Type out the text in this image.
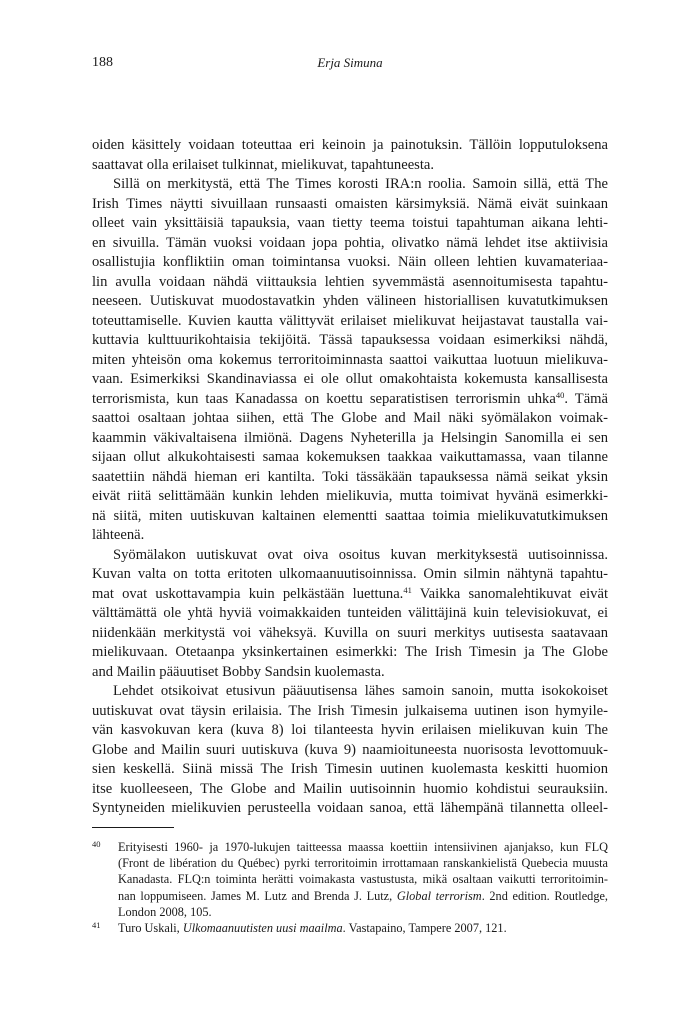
188	Erja Simuna
oiden käsittely voidaan toteuttaa eri keinoin ja painotuksin. Tällöin lopputuloksena
saattavat olla erilaiset tulkinnat, mielikuvat, tapahtuneesta.
Sillä on merkitystä, että The Times korosti IRA:n roolia. Samoin sillä, että The
Irish Times näytti sivuillaan runsaasti omaisten kärsimyksiä. Nämä eivät suinkaan
olleet vain yksittäisiä tapauksia, vaan tietty teema toistui tapahtuman aikana lehti-
en sivuilla. Tämän vuoksi voidaan jopa pohtia, olivatko nämä lehdet itse aktiivisia
osallistujia konfliktiin oman toimintansa vuoksi. Näin olleen lehtien kuvamateriaa-
lin avulla voidaan nähdä viittauksia lehtien syvemmästä asennoitumisesta tapahtu-
neeseen. Uutiskuvat muodostavatkin yhden välineen historiallisen kuvatutkimuksen
toteuttamiselle. Kuvien kautta välittyvät erilaiset mielikuvat heijastavat taustalla vai-
kuttavia kulttuurikohtaisia tekijöitä. Tässä tapauksessa voidaan esimerkiksi nähdä,
miten yhteisön oma kokemus terroritoiminnasta saattoi vaikuttaa luotuun mielikuva-
vaan. Esimerkiksi Skandinaviassa ei ole ollut omakohtaista kokemusta kansallisesta
terrorismista, kun taas Kanadassa on koettu separatistisen terrorismin uhka$^{40}$. Tämä
saattoi osaltaan johtaa siihen, että The Globe and Mail näki syömälakon voimak-
kaammin väkivaltaisena ilmiönä. Dagens Nyheterilla ja Helsingin Sanomilla ei sen
sijaan ollut alkukohtaisesti samaa kokemuksen taakkaa vaikuttamassa, vaan tilanne
saatettiin nähdä hieman eri kantilta. Toki tässäkään tapauksessa nämä seikat yksin
eivät riitä selittämään kunkin lehden mielikuvia, mutta toimivat hyvänä esimerkki-
nä siitä, miten uutiskuvan kaltainen elementti saattaa toimia mielikuvatutkimuksen
lähteenä.
Syömälakon uutiskuvat ovat oiva osoitus kuvan merkityksestä uutisoinnissa.
Kuvan valta on totta eritoten ulkomaanuutisoinnissa. Omin silmin nähtynä tapahtu-
mat ovat uskottavampia kuin pelkästään luettuna.$^{41}$ Vaikka sanomalehtikuvat eivät
välttämättä ole yhtä hyviä voimakkaiden tunteiden välittäjinä kuin televisiokuvat, ei
niidenkään merkitystä voi väheksyä. Kuvilla on suuri merkitys uutisesta saatavaan
mielikuvaan. Otetaanpa yksinkertainen esimerkki: The Irish Timesin ja The Globe
and Mailin pääuutiset Bobby Sandsin kuolemasta.
Lehdet otsikoivat etusivun pääuutisensa lähes samoin sanoin, mutta isokokoiset
uutiskuvat ovat täysin erilaisia. The Irish Timesin julkaisema uutinen ison hymyile-
vän kasvokuvan kera (kuva 8) loi tilanteesta hyvin erilaisen mielikuvan kuin The
Globe and Mailin suuri uutiskuva (kuva 9) naamioituneesta nuorisosta levottomuuk-
sien keskellä. Siinä missä The Irish Timesin uutinen kuolemasta keskitti huomion
itse kuolleeseen, The Globe and Mailin uutisoinnin huomio kohdistui seurauksiin.
Syntyneiden mielikuvien perusteella voidaan sanoa, että lähempänä tilannetta olleel-
40 Erityisesti 1960- ja 1970-lukujen taitteessa maassa koettiin intensiivinen ajanjakso, kun FLQ
(Front de libération du Québec) pyrki terroritoimin irrottamaan ranskankielistä Quebecia muusta
Kanadasta. FLQ:n toiminta herätti voimakasta vastustusta, mikä osaltaan vaikutti terroritoimin-
nan loppumiseen. James M. Lutz and Brenda J. Lutz, Global terrorism. 2nd edition. Routledge,
London 2008, 105.
41 Turo Uskali, Ulkomaanuutisten uusi maailma. Vastapaino, Tampere 2007, 121.
